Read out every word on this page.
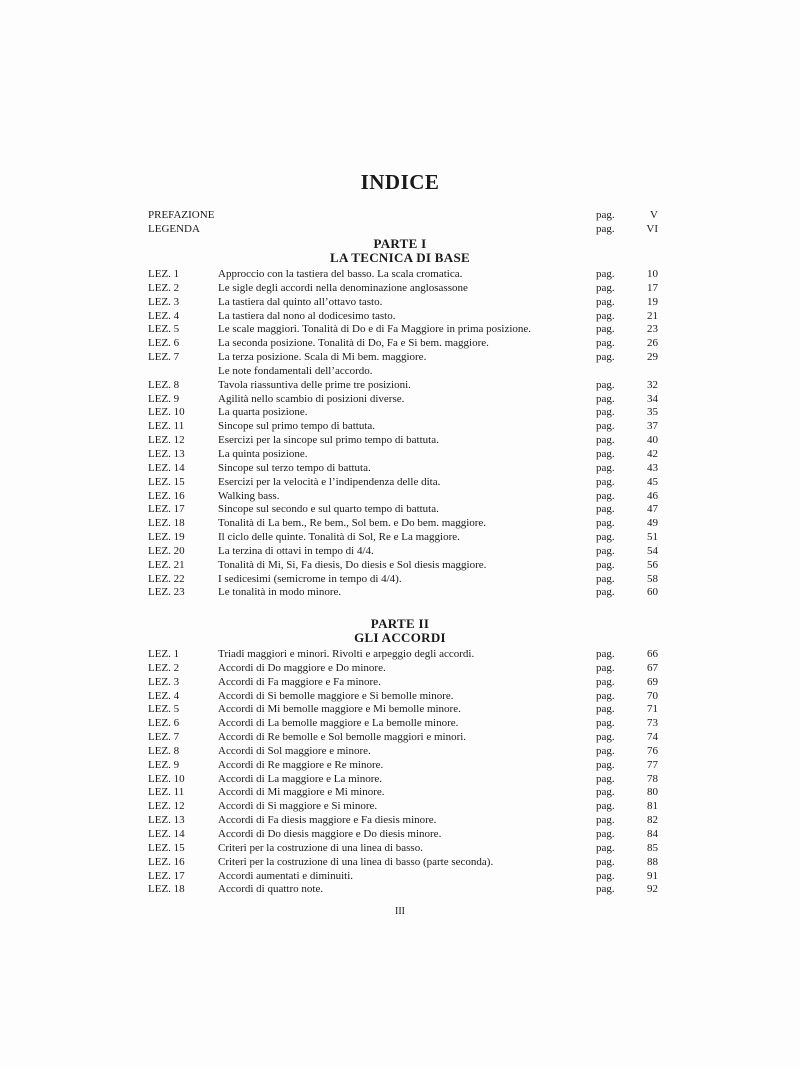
INDICE
PREFAZIONE	pag.	V
LEGENDA	pag.	VI
PARTE I
LA TECNICA DI BASE
LEZ. 1	Approccio con la tastiera del basso. La scala cromatica.	pag.	10
LEZ. 2	Le sigle degli accordi nella denominazione anglosassone	pag.	17
LEZ. 3	La tastiera dal quinto all’ottavo tasto.	pag.	19
LEZ. 4	La tastiera dal nono al dodicesimo tasto.	pag.	21
LEZ. 5	Le scale maggiori. Tonalità di Do e di Fa Maggiore in prima posizione.	pag.	23
LEZ. 6	La seconda posizione. Tonalità di Do, Fa e Si bem. maggiore.	pag.	26
LEZ. 7	La terza posizione. Scala di Mi bem. maggiore.	pag.	29
Le note fondamentali dell’accordo.
LEZ. 8	Tavola riassuntiva delle prime tre posizioni.	pag.	32
LEZ. 9	Agilità nello scambio di posizioni diverse.	pag.	34
LEZ. 10	La quarta posizione.	pag.	35
LEZ. 11	Sincope sul primo tempo di battuta.	pag.	37
LEZ. 12	Esercizi per la sincope sul primo tempo di battuta.	pag.	40
LEZ. 13	La quinta posizione.	pag.	42
LEZ. 14	Sincope sul terzo tempo di battuta.	pag.	43
LEZ. 15	Esercizi per la velocità e l’indipendenza delle dita.	pag.	45
LEZ. 16	Walking bass.	pag.	46
LEZ. 17	Sincope sul secondo e sul quarto tempo di battuta.	pag.	47
LEZ. 18	Tonalità di La bem., Re bem., Sol bem. e Do bem. maggiore.	pag.	49
LEZ. 19	Il ciclo delle quinte. Tonalità di Sol, Re e La maggiore.	pag.	51
LEZ. 20	La terzina di ottavi in tempo di 4/4.	pag.	54
LEZ. 21	Tonalità di Mi, Si, Fa diesis, Do diesis e Sol diesis maggiore.	pag.	56
LEZ. 22	I sedicesimi (semicrome in tempo di 4/4).	pag.	58
LEZ. 23	Le tonalità in modo minore.	pag.	60
PARTE II
GLI ACCORDI
LEZ. 1	Triadi maggiori e minori. Rivolti e arpeggio degli accordi.	pag.	66
LEZ. 2	Accordi di Do maggiore e Do minore.	pag.	67
LEZ. 3	Accordi di Fa maggiore e Fa minore.	pag.	69
LEZ. 4	Accordi di Si bemolle maggiore e Si bemolle minore.	pag.	70
LEZ. 5	Accordi di Mi bemolle maggiore e Mi bemolle minore.	pag.	71
LEZ. 6	Accordi di La bemolle maggiore e La bemolle minore.	pag.	73
LEZ. 7	Accordi di Re bemolle e Sol bemolle maggiori e minori.	pag.	74
LEZ. 8	Accordi di Sol maggiore e minore.	pag.	76
LEZ. 9	Accordi di Re maggiore e Re minore.	pag.	77
LEZ. 10	Accordi di La maggiore e La minore.	pag.	78
LEZ. 11	Accordi di Mi maggiore e Mi minore.	pag.	80
LEZ. 12	Accordi di Si maggiore e Si minore.	pag.	81
LEZ. 13	Accordi di Fa diesis maggiore e Fa diesis minore.	pag.	82
LEZ. 14	Accordi di Do diesis maggiore e Do diesis minore.	pag.	84
LEZ. 15	Criteri per la costruzione di una linea di basso.	pag.	85
LEZ. 16	Criteri per la costruzione di una linea di basso (parte seconda).	pag.	88
LEZ. 17	Accordi aumentati e diminuiti.	pag.	91
LEZ. 18	Accordi di quattro note.	pag.	92
III
